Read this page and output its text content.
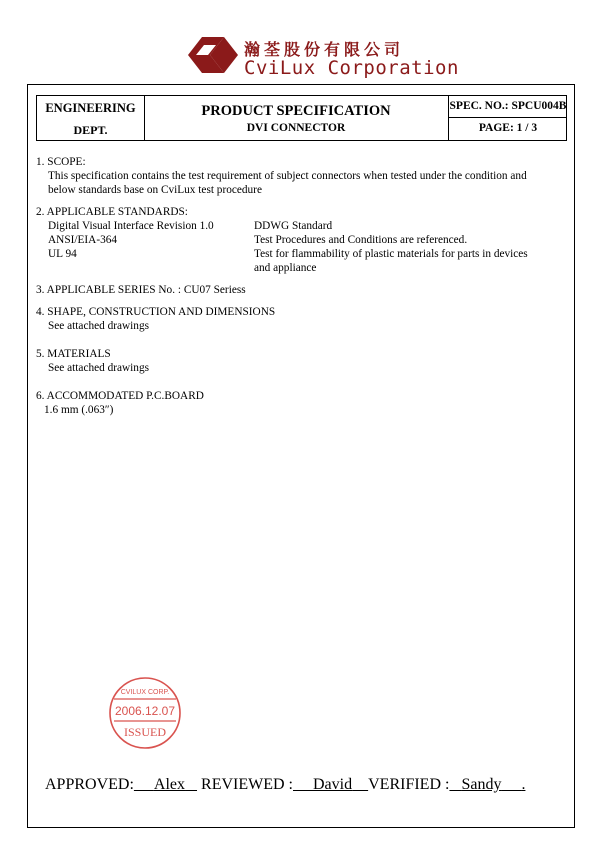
瀚荃股份有限公司
CviLux Corporation
ENGINEERING
DEPT.
PRODUCT SPECIFICATION
DVI CONNECTOR
SPEC. NO.: SPCU004B
PAGE: 1 / 3
1. SCOPE:
This specification contains the test requirement of subject connectors when tested under the condition and
below standards base on CviLux test procedure
2. APPLICABLE STANDARDS:
Digital Visual Interface Revision 1.0	DDWG Standard
ANSI/EIA-364	Test Procedures and Conditions are referenced.
UL 94	Test for flammability of plastic materials for parts in devices
and appliance
3. APPLICABLE SERIES No. : CU07 Seriess
4. SHAPE, CONSTRUCTION AND DIMENSIONS
See attached drawings
5. MATERIALS
See attached drawings
6. ACCOMMODATED P.C.BOARD
1.6 mm (.063″)
CVILUX CORP.
2006.12.07
ISSUED
APPROVED: Alex REVIEWED : David VERIFIED : Sandy .
